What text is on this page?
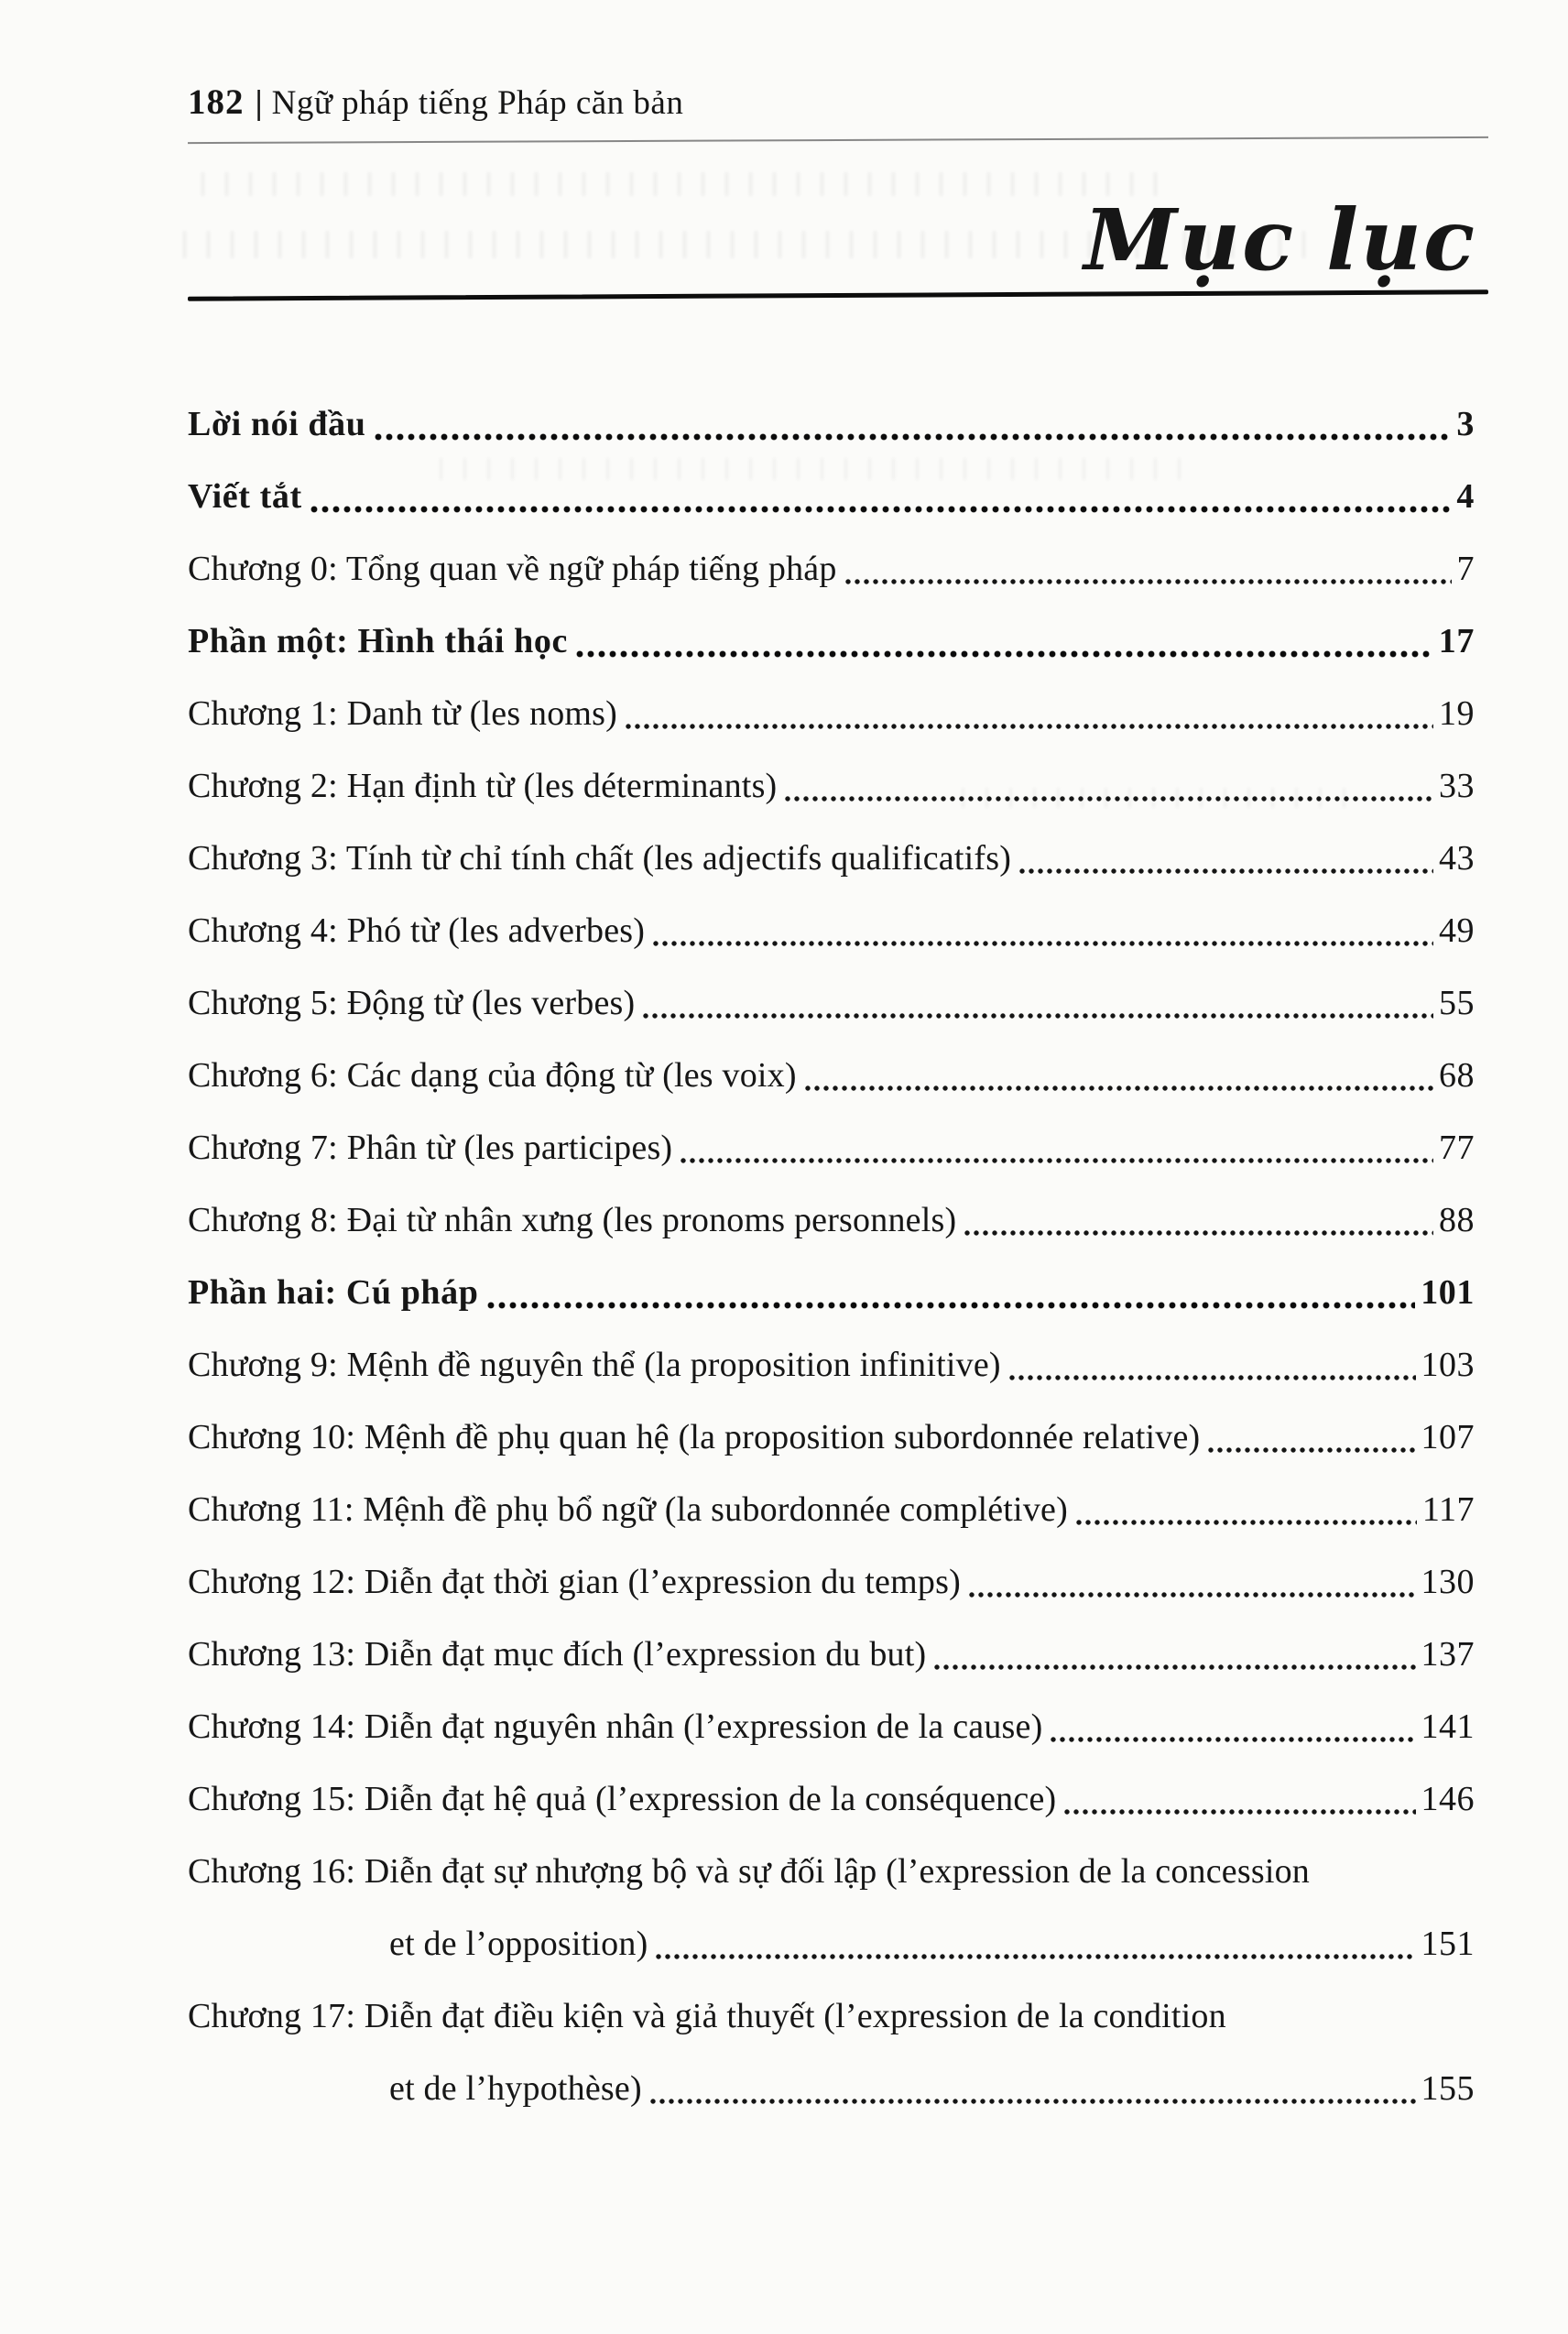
182 | Ngữ pháp tiếng Pháp căn bản
Mục lục
Lời nói đầu	3
Viết tắt	4
Chương 0: Tổng quan về ngữ pháp tiếng pháp	7
Phần một: Hình thái học	17
Chương 1: Danh từ (les noms)	19
Chương 2: Hạn định từ (les déterminants)	33
Chương 3: Tính từ chỉ tính chất (les adjectifs qualificatifs)	43
Chương 4: Phó từ (les adverbes)	49
Chương 5: Động từ (les verbes)	55
Chương 6: Các dạng của động từ (les voix)	68
Chương 7: Phân từ (les participes)	77
Chương 8: Đại từ nhân xưng (les pronoms personnels)	88
Phần hai: Cú pháp	101
Chương 9: Mệnh đề nguyên thể (la proposition infinitive)	103
Chương 10: Mệnh đề phụ quan hệ (la proposition subordonnée relative)	107
Chương 11: Mệnh đề phụ bổ ngữ (la subordonnée complétive)	117
Chương 12: Diễn đạt thời gian (l’expression du temps)	130
Chương 13: Diễn đạt mục đích (l’expression du but)	137
Chương 14: Diễn đạt nguyên nhân (l’expression de la cause)	141
Chương 15: Diễn đạt hệ quả (l’expression de la conséquence)	146
Chương 16: Diễn đạt sự nhượng bộ và sự đối lập (l’expression de la concession
et de l’opposition)	151
Chương 17: Diễn đạt điều kiện và giả thuyết (l’expression de la condition
et de l’hypothèse)	155
